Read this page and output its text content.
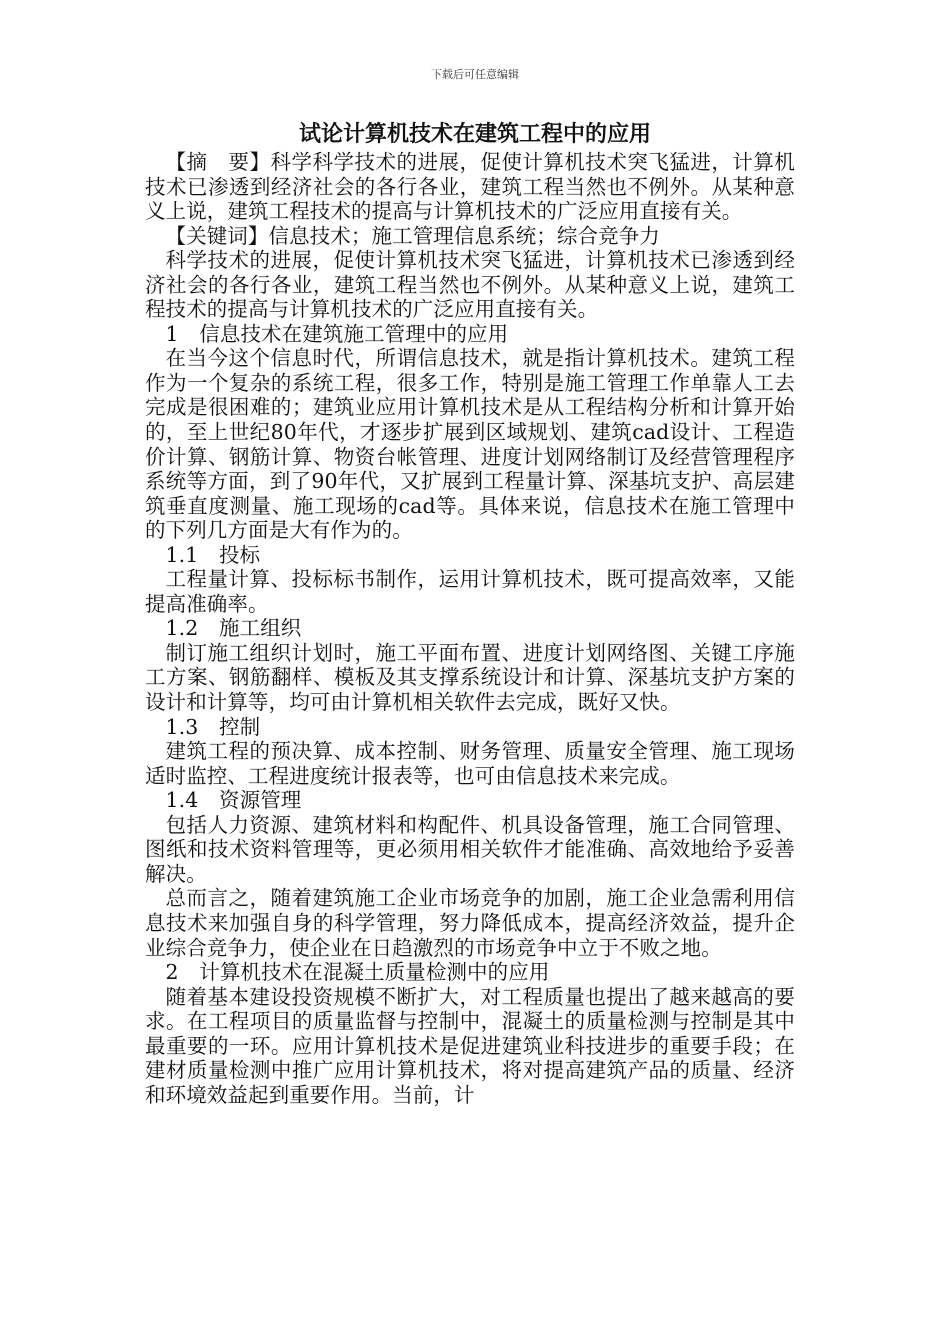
下载后可任意编辑
试论计算机技术在建筑工程中的应用

【摘　要】科学科学技术的进展，促使计算机技术突飞猛进，计算机技术已渗透到经济社会的各行各业，建筑工程当然也不例外。从某种意义上说，建筑工程技术的提高与计算机技术的广泛应用直接有关。

【关键词】信息技术；施工管理信息系统；综合竞争力

科学技术的进展，促使计算机技术突飞猛进，计算机技术已渗透到经济社会的各行各业，建筑工程当然也不例外。从某种意义上说，建筑工程技术的提高与计算机技术的广泛应用直接有关。

1　信息技术在建筑施工管理中的应用

在当今这个信息时代，所谓信息技术，就是指计算机技术。建筑工程作为一个复杂的系统工程，很多工作，特别是施工管理工作单靠人工去完成是很困难的；建筑业应用计算机技术是从工程结构分析和计算开始的，至上世纪80年代，才逐步扩展到区域规划、建筑cad设计、工程造价计算、钢筋计算、物资台帐管理、进度计划网络制订及经营管理程序系统等方面，到了90年代，又扩展到工程量计算、深基坑支护、高层建筑垂直度测量、施工现场的cad等。具体来说，信息技术在施工管理中的下列几方面是大有作为的。

1.1　投标

工程量计算、投标标书制作，运用计算机技术，既可提高效率，又能提高准确率。

1.2　施工组织

制订施工组织计划时，施工平面布置、进度计划网络图、关键工序施工方案、钢筋翻样、模板及其支撑系统设计和计算、深基坑支护方案的设计和计算等，均可由计算机相关软件去完成，既好又快。

1.3　控制

建筑工程的预决算、成本控制、财务管理、质量安全管理、施工现场适时监控、工程进度统计报表等，也可由信息技术来完成。

1.4　资源管理

包括人力资源、建筑材料和构配件、机具设备管理，施工合同管理、图纸和技术资料管理等，更必须用相关软件才能准确、高效地给予妥善解决。

总而言之，随着建筑施工企业市场竞争的加剧，施工企业急需利用信息技术来加强自身的科学管理，努力降低成本，提高经济效益，提升企业综合竞争力，使企业在日趋激烈的市场竞争中立于不败之地。

2　计算机技术在混凝土质量检测中的应用

随着基本建设投资规模不断扩大，对工程质量也提出了越来越高的要求。在工程项目的质量监督与控制中，混凝土的质量检测与控制是其中最重要的一环。应用计算机技术是促进建筑业科技进步的重要手段；在建材质量检测中推广应用计算机技术，将对提高建筑产品的质量、经济和环境效益起到重要作用。当前，计
